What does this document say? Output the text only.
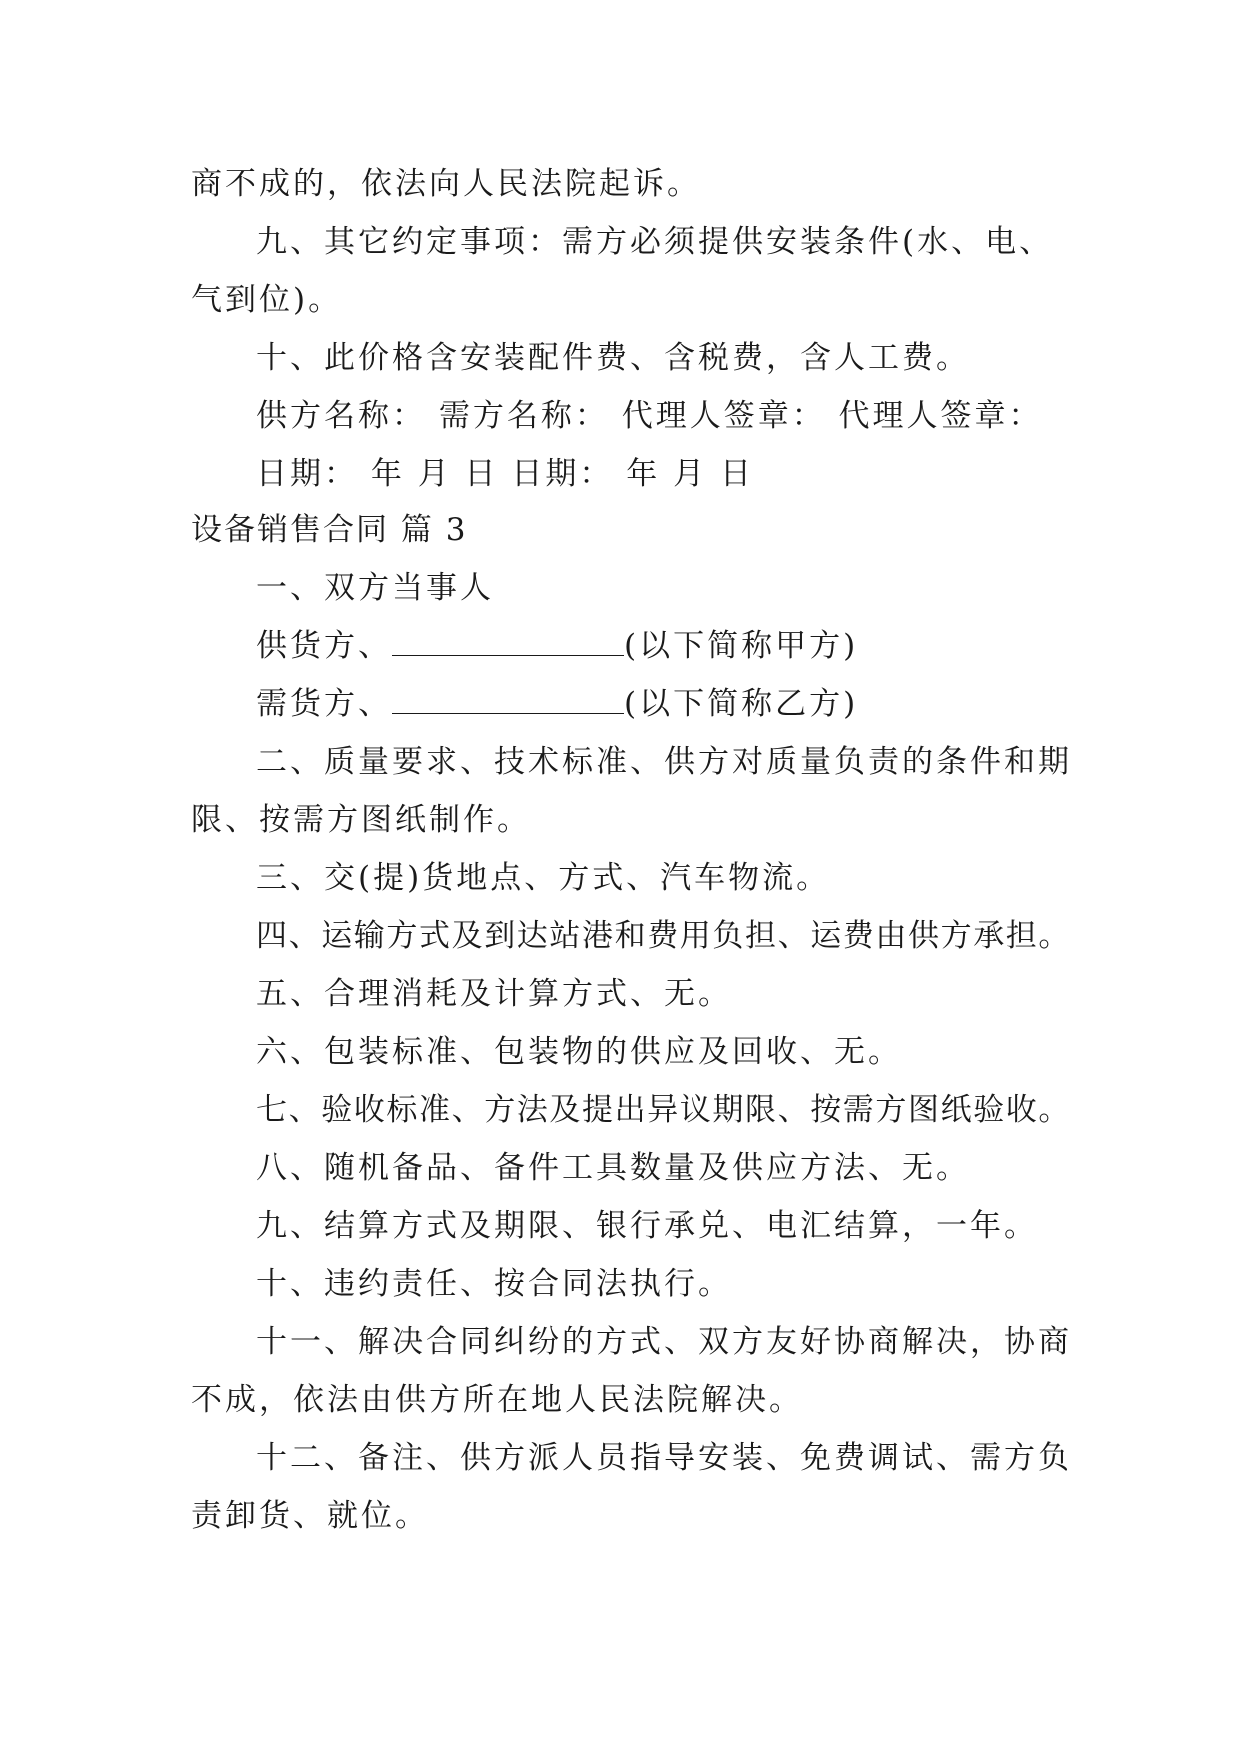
商不成的，依法向人民法院起诉。
九、其它约定事项：需方必须提供安装条件(水、电、
气到位)。
十、此价格含安装配件费、含税费，含人工费。
供方名称： 需方名称： 代理人签章： 代理人签章：
日期： 年 月 日 日期： 年 月 日
设备销售合同 篇 3
一、双方当事人
供货方、	(以下简称甲方)
需货方、	(以下简称乙方)
二、质量要求、技术标准、供方对质量负责的条件和期
限、按需方图纸制作。
三、交(提)货地点、方式、汽车物流。
四、运输方式及到达站港和费用负担、运费由供方承担。
五、合理消耗及计算方式、无。
六、包装标准、包装物的供应及回收、无。
七、验收标准、方法及提出异议期限、按需方图纸验收。
八、随机备品、备件工具数量及供应方法、无。
九、结算方式及期限、银行承兑、电汇结算，一年。
十、违约责任、按合同法执行。
十一、解决合同纠纷的方式、双方友好协商解决，协商
不成，依法由供方所在地人民法院解决。
十二、备注、供方派人员指导安装、免费调试、需方负
责卸货、就位。
